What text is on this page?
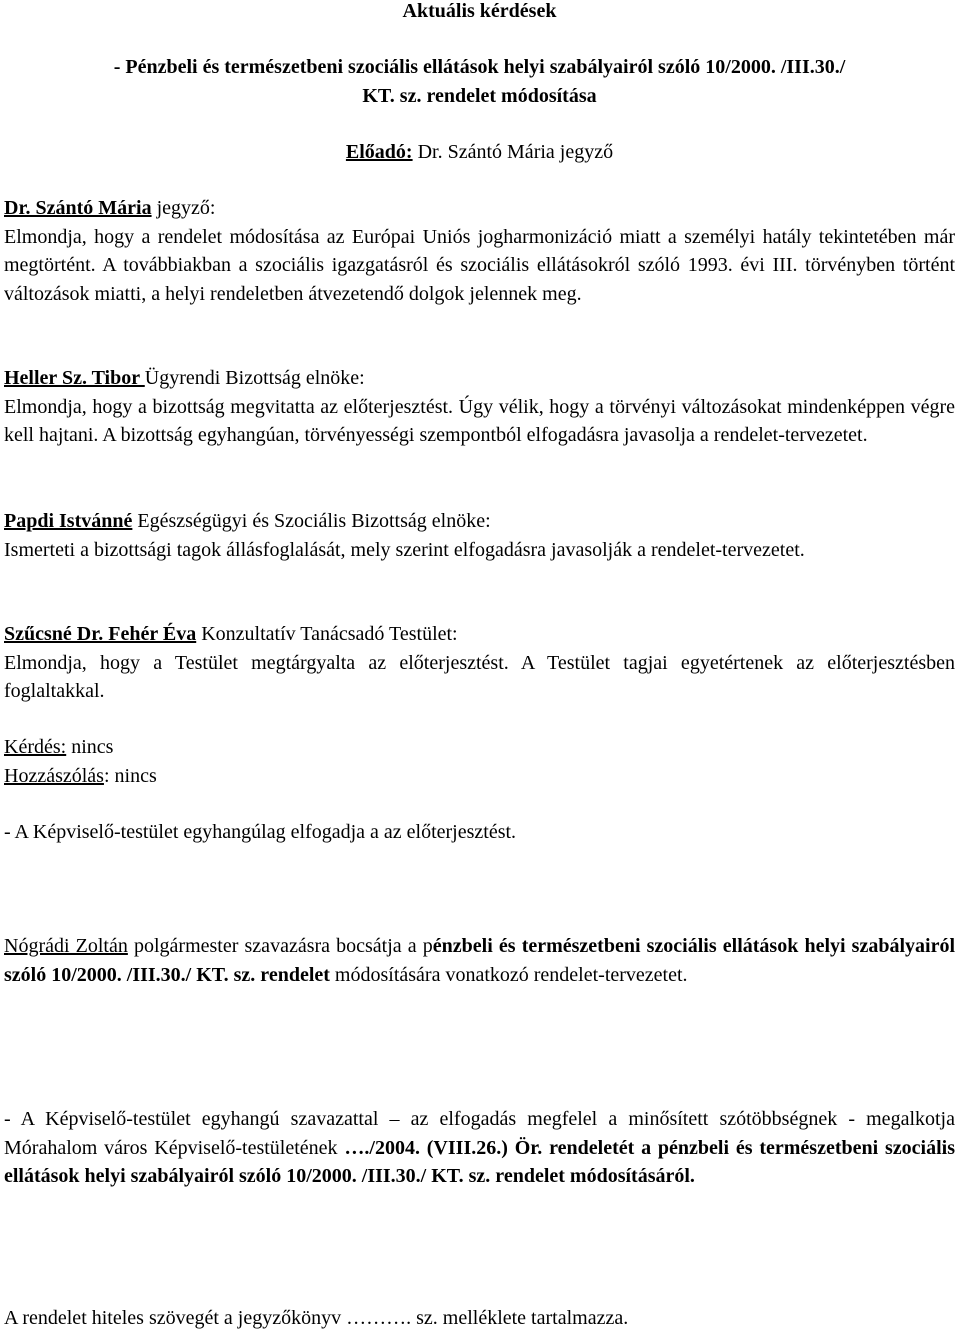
Aktuális kérdések

- Pénzbeli és természetbeni szociális ellátások helyi szabályairól szóló 10/2000. /III.30./

KT. sz. rendelet módosítása

Előadó: Dr. Szántó Mária jegyző

Dr. Szántó Mária jegyző:

Elmondja, hogy a rendelet módosítása az Európai Uniós jogharmonizáció miatt a személyi hatály tekintetében már megtörtént. A továbbiakban a szociális igazgatásról és szociális ellátásokról szóló 1993. évi III. törvényben történt változások miatti, a helyi rendeletben átvezetendő dolgok jelennek meg.

Heller Sz. Tibor Ügyrendi Bizottság elnöke:

Elmondja, hogy a bizottság megvitatta az előterjesztést. Úgy vélik, hogy a törvényi változásokat mindenképpen végre kell hajtani. A bizottság egyhangúan, törvényességi szempontból elfogadásra javasolja a rendelet-tervezetet.

Papdi Istvánné Egészségügyi és Szociális Bizottság elnöke:

Ismerteti a bizottsági tagok állásfoglalását, mely szerint elfogadásra javasolják a rendelet-tervezetet.

Szűcsné Dr. Fehér Éva Konzultatív Tanácsadó Testület:

Elmondja, hogy a Testület megtárgyalta az előterjesztést. A Testület tagjai egyetértenek az előterjesztésben foglaltakkal.

Kérdés: nincs

Hozzászólás: nincs

- A Képviselő-testület egyhangúlag elfogadja a az előterjesztést.

Nógrádi Zoltán polgármester szavazásra bocsátja a pénzbeli és természetbeni szociális ellátások helyi szabályairól szóló 10/2000. /III.30./ KT. sz. rendelet módosítására vonatkozó rendelet-tervezetet.

- A Képviselő-testület egyhangú szavazattal – az elfogadás megfelel a minősített szótöbbségnek - megalkotja Mórahalom város Képviselő-testületének …./2004. (VIII.26.) Ör. rendeletét a pénzbeli és természetbeni szociális ellátások helyi szabályairól szóló 10/2000. /III.30./ KT. sz. rendelet módosításáról.

A rendelet hiteles szövegét a jegyzőkönyv ………. sz. melléklete tartalmazza.
